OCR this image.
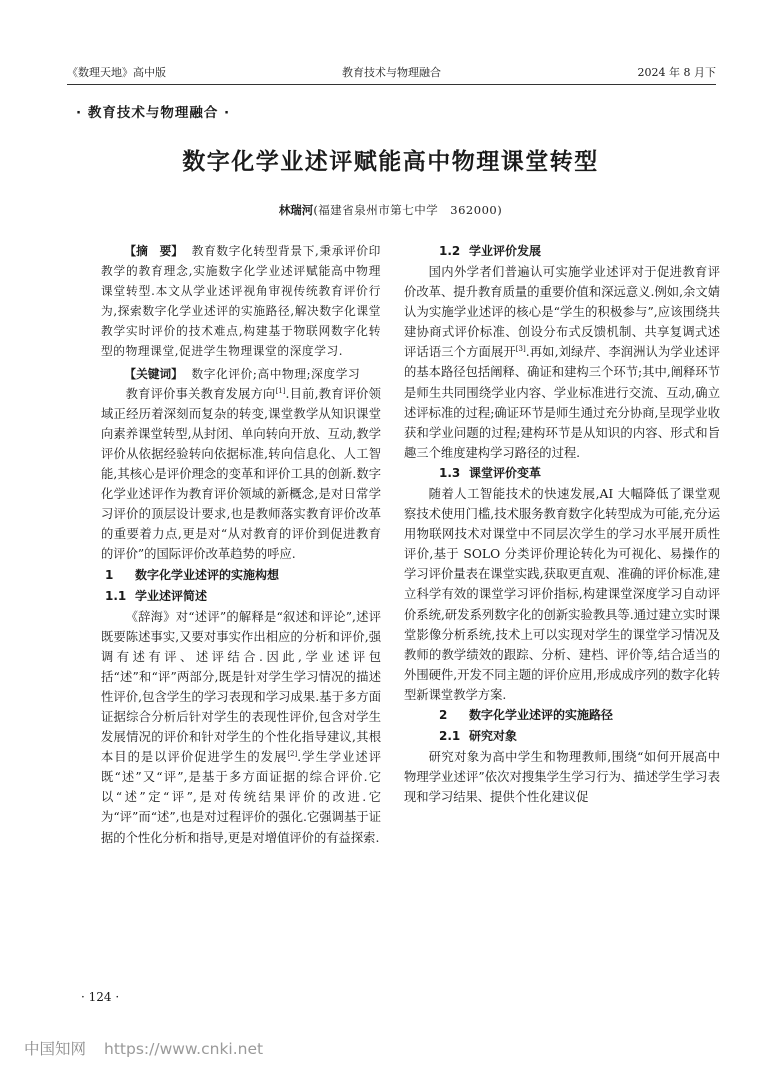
《数理天地》高中版	教育技术与物理融合	2024 年 8 月下
· 教育技术与物理融合 ·
数字化学业述评赋能高中物理课堂转型
林瑞河(福建省泉州市第七中学　362000)

【摘　要】 教育数字化转型背景下,秉承评价印教学的教育理念,实施数字化学业述评赋能高中物理课堂转型.本文从学业述评视角审视传统教育评价行为,探索数字化学业述评的实施路径,解决数字化课堂教学实时评价的技术难点,构建基于物联网数字化转型的物理课堂,促进学生物理课堂的深度学习.

【关键词】 数字化评价;高中物理;深度学习

教育评价事关教育发展方向[1].目前,教育评价领域正经历着深刻而复杂的转变,课堂教学从知识课堂向素养课堂转型,从封闭、单向转向开放、互动,教学评价从依据经验转向依据标准,转向信息化、人工智能,其核心是评价理念的变革和评价工具的创新.数字化学业述评作为教育评价领域的新概念,是对日常学习评价的顶层设计要求,也是教师落实教育评价改革的重要着力点,更是对“从对教育的评价到促进教育的评价”的国际评价改革趋势的呼应.

1 数字化学业述评的实施构想
1.1 学业述评简述

《辞海》对“述评”的解释是“叙述和评论”,述评既要陈述事实,又要对事实作出相应的分析和评价,强调有述有评、述评结合.因此,学业述评包括“述”和“评”两部分,既是针对学生学习情况的描述性评价,包含学生的学习表现和学习成果.基于多方面证据综合分析后针对学生的表现性评价,包含对学生发展情况的评价和针对学生的个性化指导建议,其根本目的是以评价促进学生的发展[2].学生学业述评既“述”又“评”,是基于多方面证据的综合评价.它以“述”定“评”,是对传统结果评价的改进.它为“评”而“述”,也是对过程评价的强化.它强调基于证据的个性化分析和指导,更是对增值评价的有益探索.

1.2 学业评价发展

国内外学者们普遍认可实施学业述评对于促进教育评价改革、提升教育质量的重要价值和深远意义.例如,余文婧认为实施学业述评的核心是“学生的积极参与”,应该围绕共建协商式评价标准、创设分布式反馈机制、共享复调式述评话语三个方面展开[3].再如,刘绿芹、李润洲认为学业述评的基本路径包括阐释、确证和建构三个环节;其中,阐释环节是师生共同围绕学业内容、学业标准进行交流、互动,确立述评标准的过程;确证环节是师生通过充分协商,呈现学业收获和学业问题的过程;建构环节是从知识的内容、形式和旨趣三个维度建构学习路径的过程.

1.3 课堂评价变革

随着人工智能技术的快速发展,AI 大幅降低了课堂观察技术使用门槛,技术服务教育数字化转型成为可能,充分运用物联网技术对课堂中不同层次学生的学习水平展开质性评价,基于 SOLO 分类评价理论转化为可视化、易操作的学习评价量表在课堂实践,获取更直观、准确的评价标准,建立科学有效的课堂学习评价指标,构建课堂深度学习自动评价系统,研发系列数字化的创新实验教具等.通过建立实时课堂影像分析系统,技术上可以实现对学生的课堂学习情况及教师的教学绩效的跟踪、分析、建档、评价等,结合适当的外围硬件,开发不同主题的评价应用,形成成序列的数字化转型新课堂教学方案.

2 数字化学业述评的实施路径
2.1 研究对象

研究对象为高中学生和物理教师,围绕“如何开展高中物理学业述评”依次对搜集学生学习行为、描述学生学习表现和学习结果、提供个性化建议促

· 124 ·
中国知网 https://www.cnki.net
